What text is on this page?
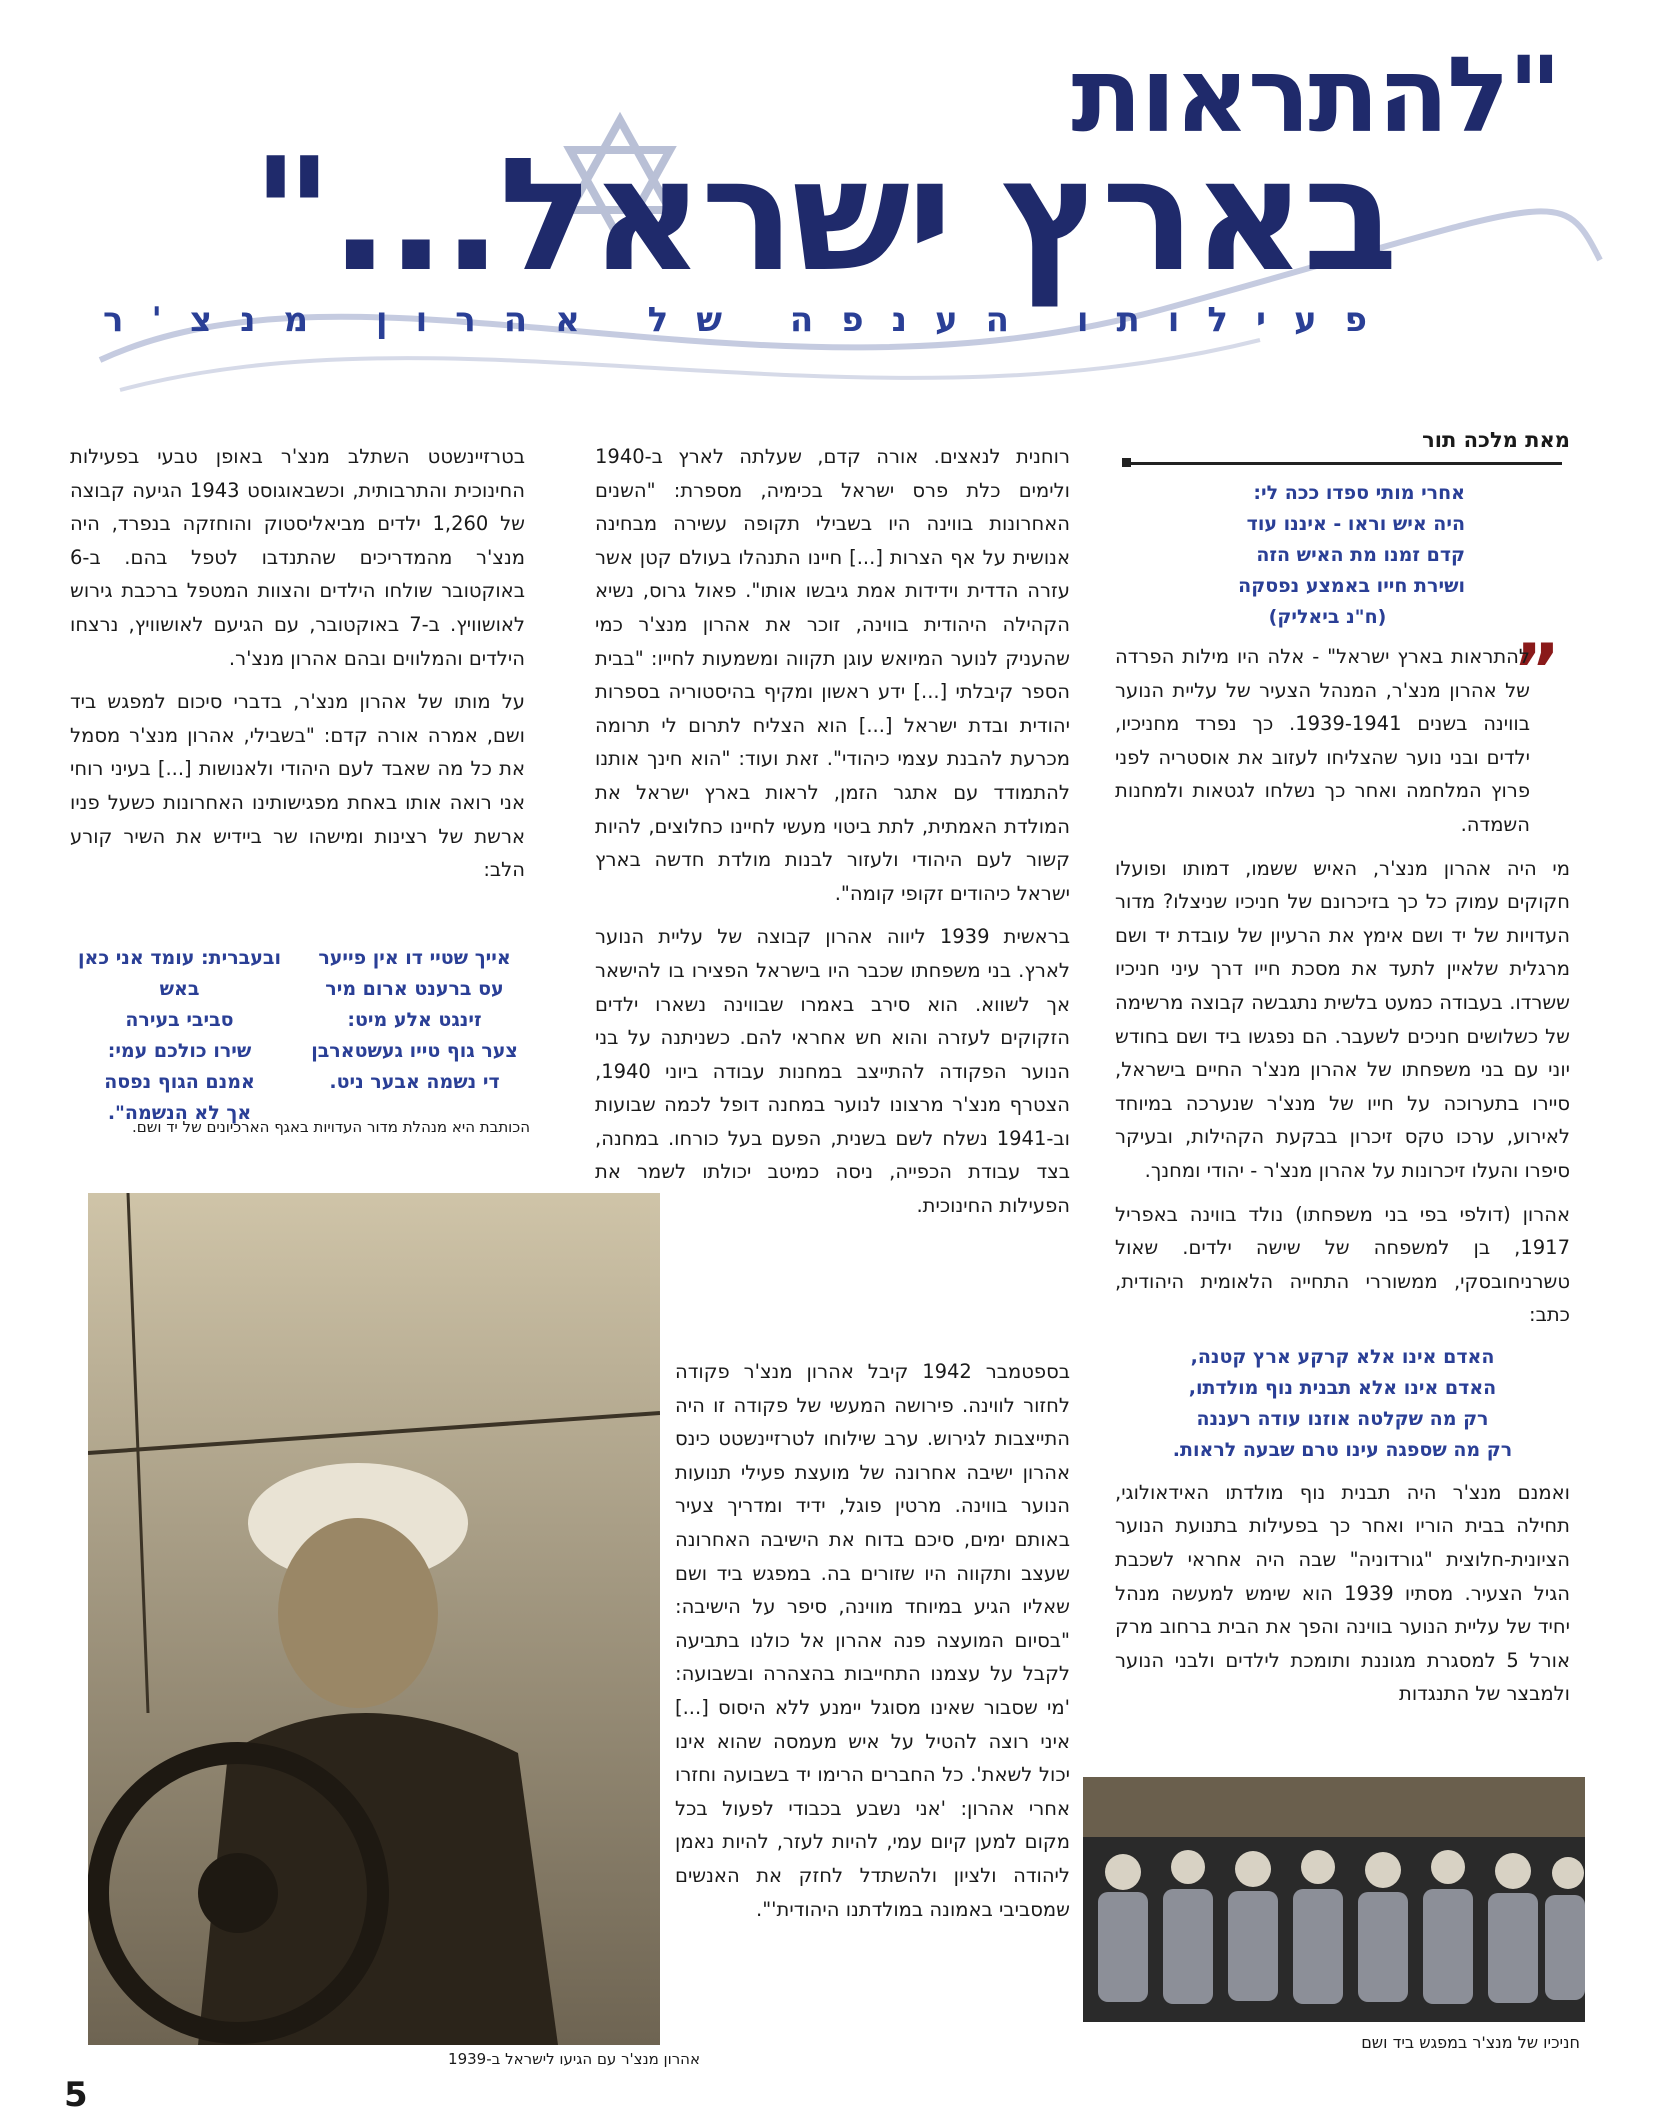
"להתראות
בארץ ישראל..."
פעילותו הענפה של אהרון מנצ'ר
מאת מלכה תור
אחרי מותי ספדו ככה לי:
היה איש וראו - איננו עוד
קדם זמנו מת האיש הזה
ושירת חייו באמצע נפסקה
(ח"נ ביאליק)
”

להתראות בארץ ישראל" - אלה היו מילות הפרדה של אהרון מנצ'ר, המנהל הצעיר של עליית הנוער בווינה בשנים 1939-1941. כך נפרד מחניכיו, ילדים ובני נוער שהצליחו לעזוב את אוסטריה לפני פרוץ המלחמה ואחר כך נשלחו לגטאות ולמחנות השמדה.

מי היה אהרון מנצ'ר, האיש ששמו, דמותו ופועלו חקוקים עמוק כל כך בזיכרונם של חניכיו שניצלו? מדור העדויות של יד ושם אימץ את הרעיון של עובדת יד ושם מרגלית שלאיין לתעד את מסכת חייו דרך עיני חניכיו ששרדו. בעבודה כמעט בלשית נתגבשה קבוצה מרשימה של כשלושים חניכים לשעבר. הם נפגשו ביד ושם בחודש יוני עם בני משפחתו של אהרון מנצ'ר החיים בישראל, סיירו בתערוכה על חייו של מנצ'ר שנערכה במיוחד לאירוע, ערכו טקס זיכרון בבקעת הקהילות, ובעיקר סיפרו והעלו זיכרונות על אהרון מנצ'ר - יהודי ומחנך.

אהרון (דולפי בפי בני משפחתו) נולד בווינה באפריל 1917, בן למשפחה של שישה ילדים. שאול טשרניחובסקי, ממשוררי התחייה הלאומית היהודית, כתב:

האדם אינו אלא קרקע ארץ קטנה,
האדם אינו אלא תבנית נוף מולדתו,
רק מה שקלטה אוזנו עודה רעננה
רק מה שספגה עינו טרם שבעה לראות.

ואמנם מנצ'ר היה תבנית נוף מולדתו האידאולוגי, תחילה בבית הוריו ואחר כך בפעילות בתנועת הנוער הציונית-חלוצית "גורדוניה" שבה היה אחראי לשכבת הגיל הצעיר. מסתיו 1939 הוא שימש למעשה מנהל יחיד של עליית הנוער בווינה והפך את הבית ברחוב מרק אורל 5 למסגרת מגוננת ותומכת לילדים ולבני הנוער ולמבצר של התנגדות

רוחנית לנאצים. אורה קדם, שעלתה לארץ ב-1940 ולימים כלת פרס ישראל בכימיה, מספרת: "השנים האחרונות בווינה היו בשבילי תקופה עשירה מבחינה אנושית על אף הצרות [...] חיינו התנהלו בעולם קטן אשר עזרה הדדית וידידות אמת גיבשו אותו". פאול גרוס, נשיא הקהילה היהודית בווינה, זוכר את אהרון מנצ'ר כמי שהעניק לנוער המיואש עוגן תקווה ומשמעות לחייו: "בבית הספר קיבלתי [...] ידע ראשון ומקיף בהיסטוריה בספרות יהודית ובדת ישראל [...] הוא הצליח לתרום לי תרומה מכרעת להבנת עצמי כיהודי". זאת ועוד: "הוא חינך אותנו להתמודד עם אתגר הזמן, לראות בארץ ישראל את המולדת האמתית, לתת ביטוי מעשי לחיינו כחלוצים, להיות קשור לעם היהודי ולעזור לבנות מולדת חדשה בארץ ישראל כיהודים זקופי קומה".

בראשית 1939 ליווה אהרון קבוצה של עליית הנוער לארץ. בני משפחתו שכבר היו בישראל הפצירו בו להישאר אך לשווא. הוא סירב באמרו שבווינה נשארו ילדים הזקוקים לעזרה והוא חש אחראי להם. כשניתנה על בני הנוער הפקודה להתייצב במחנות עבודה ביוני 1940, הצטרף מנצ'ר מרצונו לנוער במחנה דופל לכמה שבועות וב-1941 נשלח לשם בשנית, הפעם בעל כורחו. במחנה, בצד עבודת הכפייה, ניסה כמיטב יכולתו לשמר את הפעילות החינוכית.

בספטמבר 1942 קיבל אהרון מנצ'ר פקודה לחזור לווינה. פירושה המעשי של פקודה זו היה התייצבות לגירוש. ערב שילוחו לטרזיינשטט כינס אהרון ישיבה אחרונה של מועצת פעילי תנועות הנוער בווינה. מרטין פוגל, ידיד ומדריך צעיר באותם ימים, סיכם בדוח את הישיבה האחרונה שעצב ותקווה היו שזורים בה. במפגש ביד ושם שאליו הגיע במיוחד מווינה, סיפר על הישיבה: "בסיום המועצה פנה אהרון אל כולנו בתביעה לקבל על עצמנו התחייבות בהצהרה ובשבועה: 'מי שסבור שאינו מסוגל יימנע ללא היסוס [...] איני רוצה להטיל על איש מעמסה שהוא אינו יכול לשאת'. כל החברים הרימו יד בשבועה וחזרו אחרי אהרון: 'אני נשבע בכבודי לפעול בכל מקום למען קיום עמי, להיות לעזר, להיות נאמן ליהודה ולציון ולהשתדל לחזק את האנשים שמסביבי באמונה במולדתנו היהודית'".

בטרזיינשטט השתלב מנצ'ר באופן טבעי בפעילות החינוכית והתרבותית, וכשבאוגוסט 1943 הגיעה קבוצה של 1,260 ילדים מביאליסטוק והוחזקה בנפרד, היה מנצ'ר מהמדריכים שהתנדבו לטפל בהם. ב-6 באוקטובר שולחו הילדים והצוות המטפל ברכבת גירוש לאושוויץ. ב-7 באוקטובר, עם הגיעם לאושוויץ, נרצחו הילדים והמלווים ובהם אהרון מנצ'ר.

על מותו של אהרון מנצ'ר, בדברי סיכום למפגש ביד ושם, אמרה אורה קדם: "בשבילי, אהרון מנצ'ר מסמל את כל מה שאבד לעם היהודי ולאנושות [...] בעיני רוחי אני רואה אותו באחת מפגישותינו האחרונות כשעל פניו ארשת של רצינות ומישהו שר ביידיש את השיר קורע הלב:

אייך שטיי דו אין פייער
עס ברענט ארום מיר
זינגט אלע מיט:
צער גוף טייו געשטארבן
די נשמה אבער ניט.
ובעברית: עומד אני כאן באש
סביבי בעירה
שירו כולכם עמי:
אמנם הגוף נפסה
אך לא הנשמה".
הכותבת היא מנהלת מדור העדויות באגף הארכיונים של יד ושם.
אהרון מנצ'ר עם הגיעו לישראל ב-1939
חניכיו של מנצ'ר במפגש ביד ושם
5
